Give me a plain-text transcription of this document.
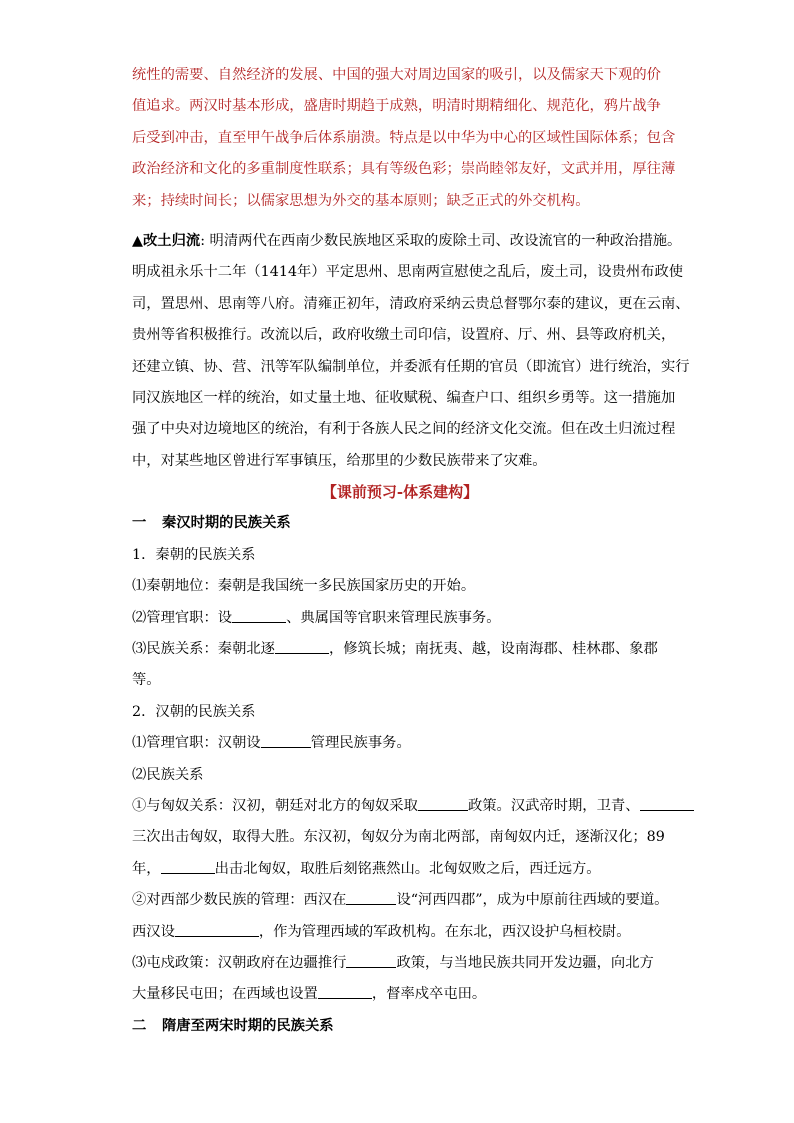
统性的需要、自然经济的发展、中国的强大对周边国家的吸引，以及儒家天下观的价
值追求。两汉时基本形成，盛唐时期趋于成熟，明清时期精细化、规范化，鸦片战争
后受到冲击，直至甲午战争后体系崩溃。特点是以中华为中心的区域性国际体系；包含
政治经济和文化的多重制度性联系；具有等级色彩；崇尚睦邻友好，文武并用，厚往薄
来；持续时间长；以儒家思想为外交的基本原则；缺乏正式的外交机构。
▲改土归流: 明清两代在西南少数民族地区采取的废除土司、改设流官的一种政治措施。
明成祖永乐十二年（1414年）平定思州、思南两宣慰使之乱后，废土司，设贵州布政使
司，置思州、思南等八府。清雍正初年，清政府采纳云贵总督鄂尔泰的建议，更在云南、
贵州等省积极推行。改流以后，政府收缴土司印信，设置府、厅、州、县等政府机关，
还建立镇、协、营、汛等军队编制单位，并委派有任期的官员（即流官）进行统治，实行
同汉族地区一样的统治，如丈量土地、征收赋税、编查户口、组织乡勇等。这一措施加
强了中央对边境地区的统治，有利于各族人民之间的经济文化交流。但在改土归流过程
中，对某些地区曾进行军事镇压，给那里的少数民族带来了灾难。
【课前预习-体系建构】
一 秦汉时期的民族关系
1．秦朝的民族关系
⑴秦朝地位：秦朝是我国统一多民族国家历史的开始。
⑵管理官职：设	、典属国等官职来管理民族事务。
⑶民族关系：秦朝北逐	，修筑长城；南抚夷、越，设南海郡、桂林郡、象郡
等。
2．汉朝的民族关系
⑴管理官职：汉朝设	管理民族事务。
⑵民族关系
①与匈奴关系：汉初，朝廷对北方的匈奴采取	政策。汉武帝时期，卫青、
三次出击匈奴，取得大胜。东汉初，匈奴分为南北两部，南匈奴内迁，逐渐汉化；89
年，	出击北匈奴，取胜后刻铭燕然山。北匈奴败之后，西迁远方。
②对西部少数民族的管理：西汉在	设“河西四郡”，成为中原前往西域的要道。
西汉设	，作为管理西域的军政机构。在东北，西汉设护乌桓校尉。
⑶屯戍政策：汉朝政府在边疆推行	政策，与当地民族共同开发边疆，向北方
大量移民屯田；在西域也设置	，督率戍卒屯田。
二 隋唐至两宋时期的民族关系
